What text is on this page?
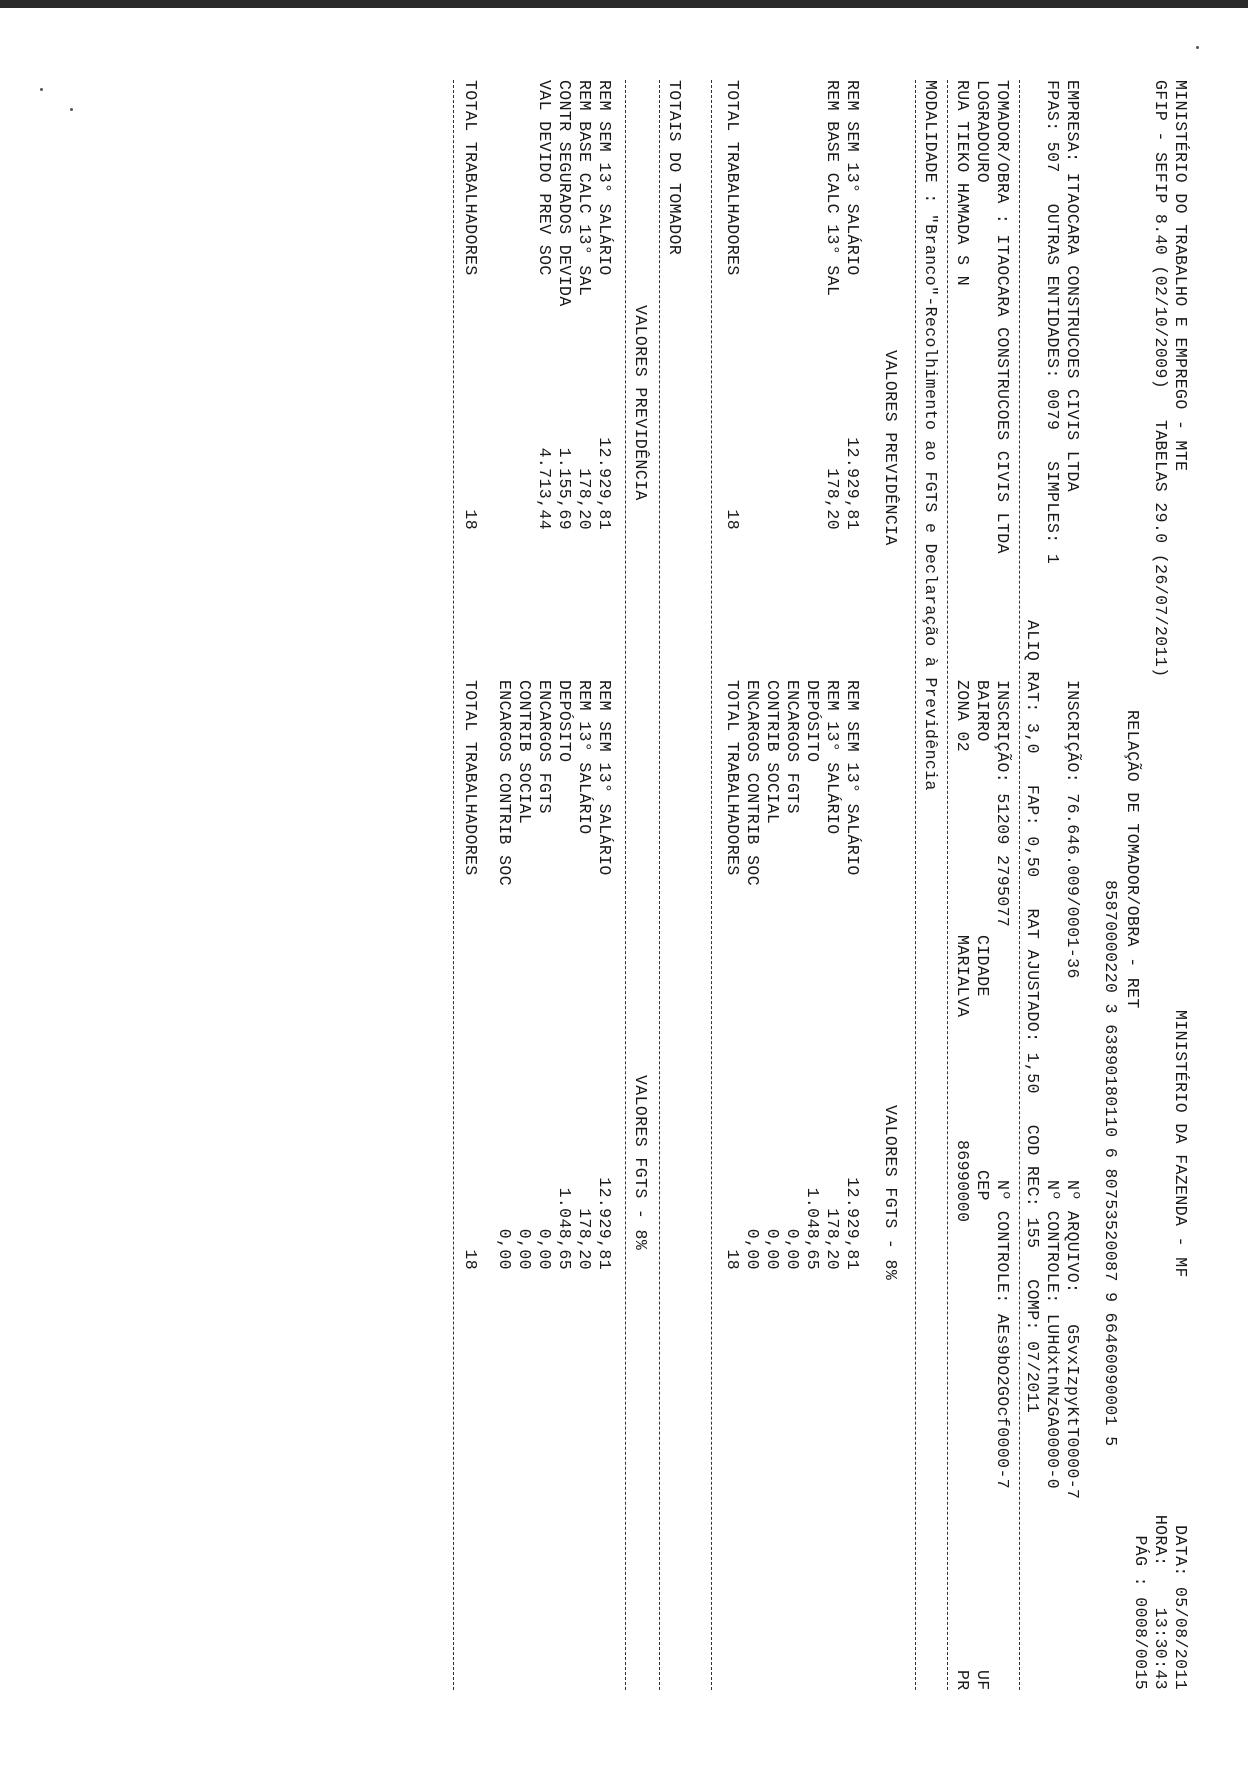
MINISTÉRIO DO TRABALHO E EMPREGO - MTE
MINISTÉRIO DA FAZENDA - MF
DATA: 05/08/2011
GFIP - SEFIP 8.40 (02/10/2009)   TABELAS 29.0 (26/07/2011)
HORA:    13:30:43
PÁG : 0008/0015
RELAÇÃO DE TOMADOR/OBRA - RET
85870000220 3 63890180110 6 80753520087 9 66460090001 5
EMPRESA: ITAOCARA CONSTRUCOES CIVIS LTDA
INSCRIÇÃO: 76.646.009/0001-36
Nº ARQUIVO:   G5vxIzpyKtT0000-7
FPAS: 507   OUTRAS ENTIDADES: 0079   SIMPLES: 1
Nº CONTROLE: LUHdxtnNzGA0000-0
ALIQ RAT: 3,0   FAP: 0,50   RAT AJUSTADO: 1,50   COD REC: 155   COMP: 07/2011
TOMADOR/OBRA : ITAOCARA CONSTRUCOES CIVIS LTDA
INSCRIÇÃO: 51209 2795077
Nº CONTROLE: AEs9bO2GOcf0000-7
LOGRADOURO
BAIRRO
CIDADE
CEP
UF
RUA TIEKO HAMADA S N
ZONA 02
MARIALVA
86990000
PR
MODALIDADE : "Branco"-Recolhimento ao FGTS e Declaração à Previdência
VALORES PREVIDÊNCIA
VALORES FGTS - 8%
REM SEM 13° SALÁRIO
12.929,81
REM BASE CALC 13° SAL
178,20
REM SEM 13° SALÁRIO
12.929,81
REM 13° SALÁRIO
178,20
DEPÓSITO
1.048,65
ENCARGOS FGTS
0,00
CONTRIB SOCIAL
0,00
ENCARGOS CONTRIB SOC
0,00
TOTAL TRABALHADORES
18
TOTAL TRABALHADORES
18
TOTAIS DO TOMADOR
VALORES PREVIDÊNCIA
VALORES FGTS - 8%
REM SEM 13° SALÁRIO
12.929,81
REM BASE CALC 13° SAL
178,20
CONTR SEGURADOS DEVIDA
1.155,69
VAL DEVIDO PREV SOC
4.713,44
REM SEM 13° SALÁRIO
12.929,81
REM 13° SALÁRIO
178,20
DEPÓSITO
1.048,65
ENCARGOS FGTS
0,00
CONTRIB SOCIAL
0,00
ENCARGOS CONTRIB SOC
0,00
TOTAL TRABALHADORES
18
TOTAL TRABALHADORES
18
